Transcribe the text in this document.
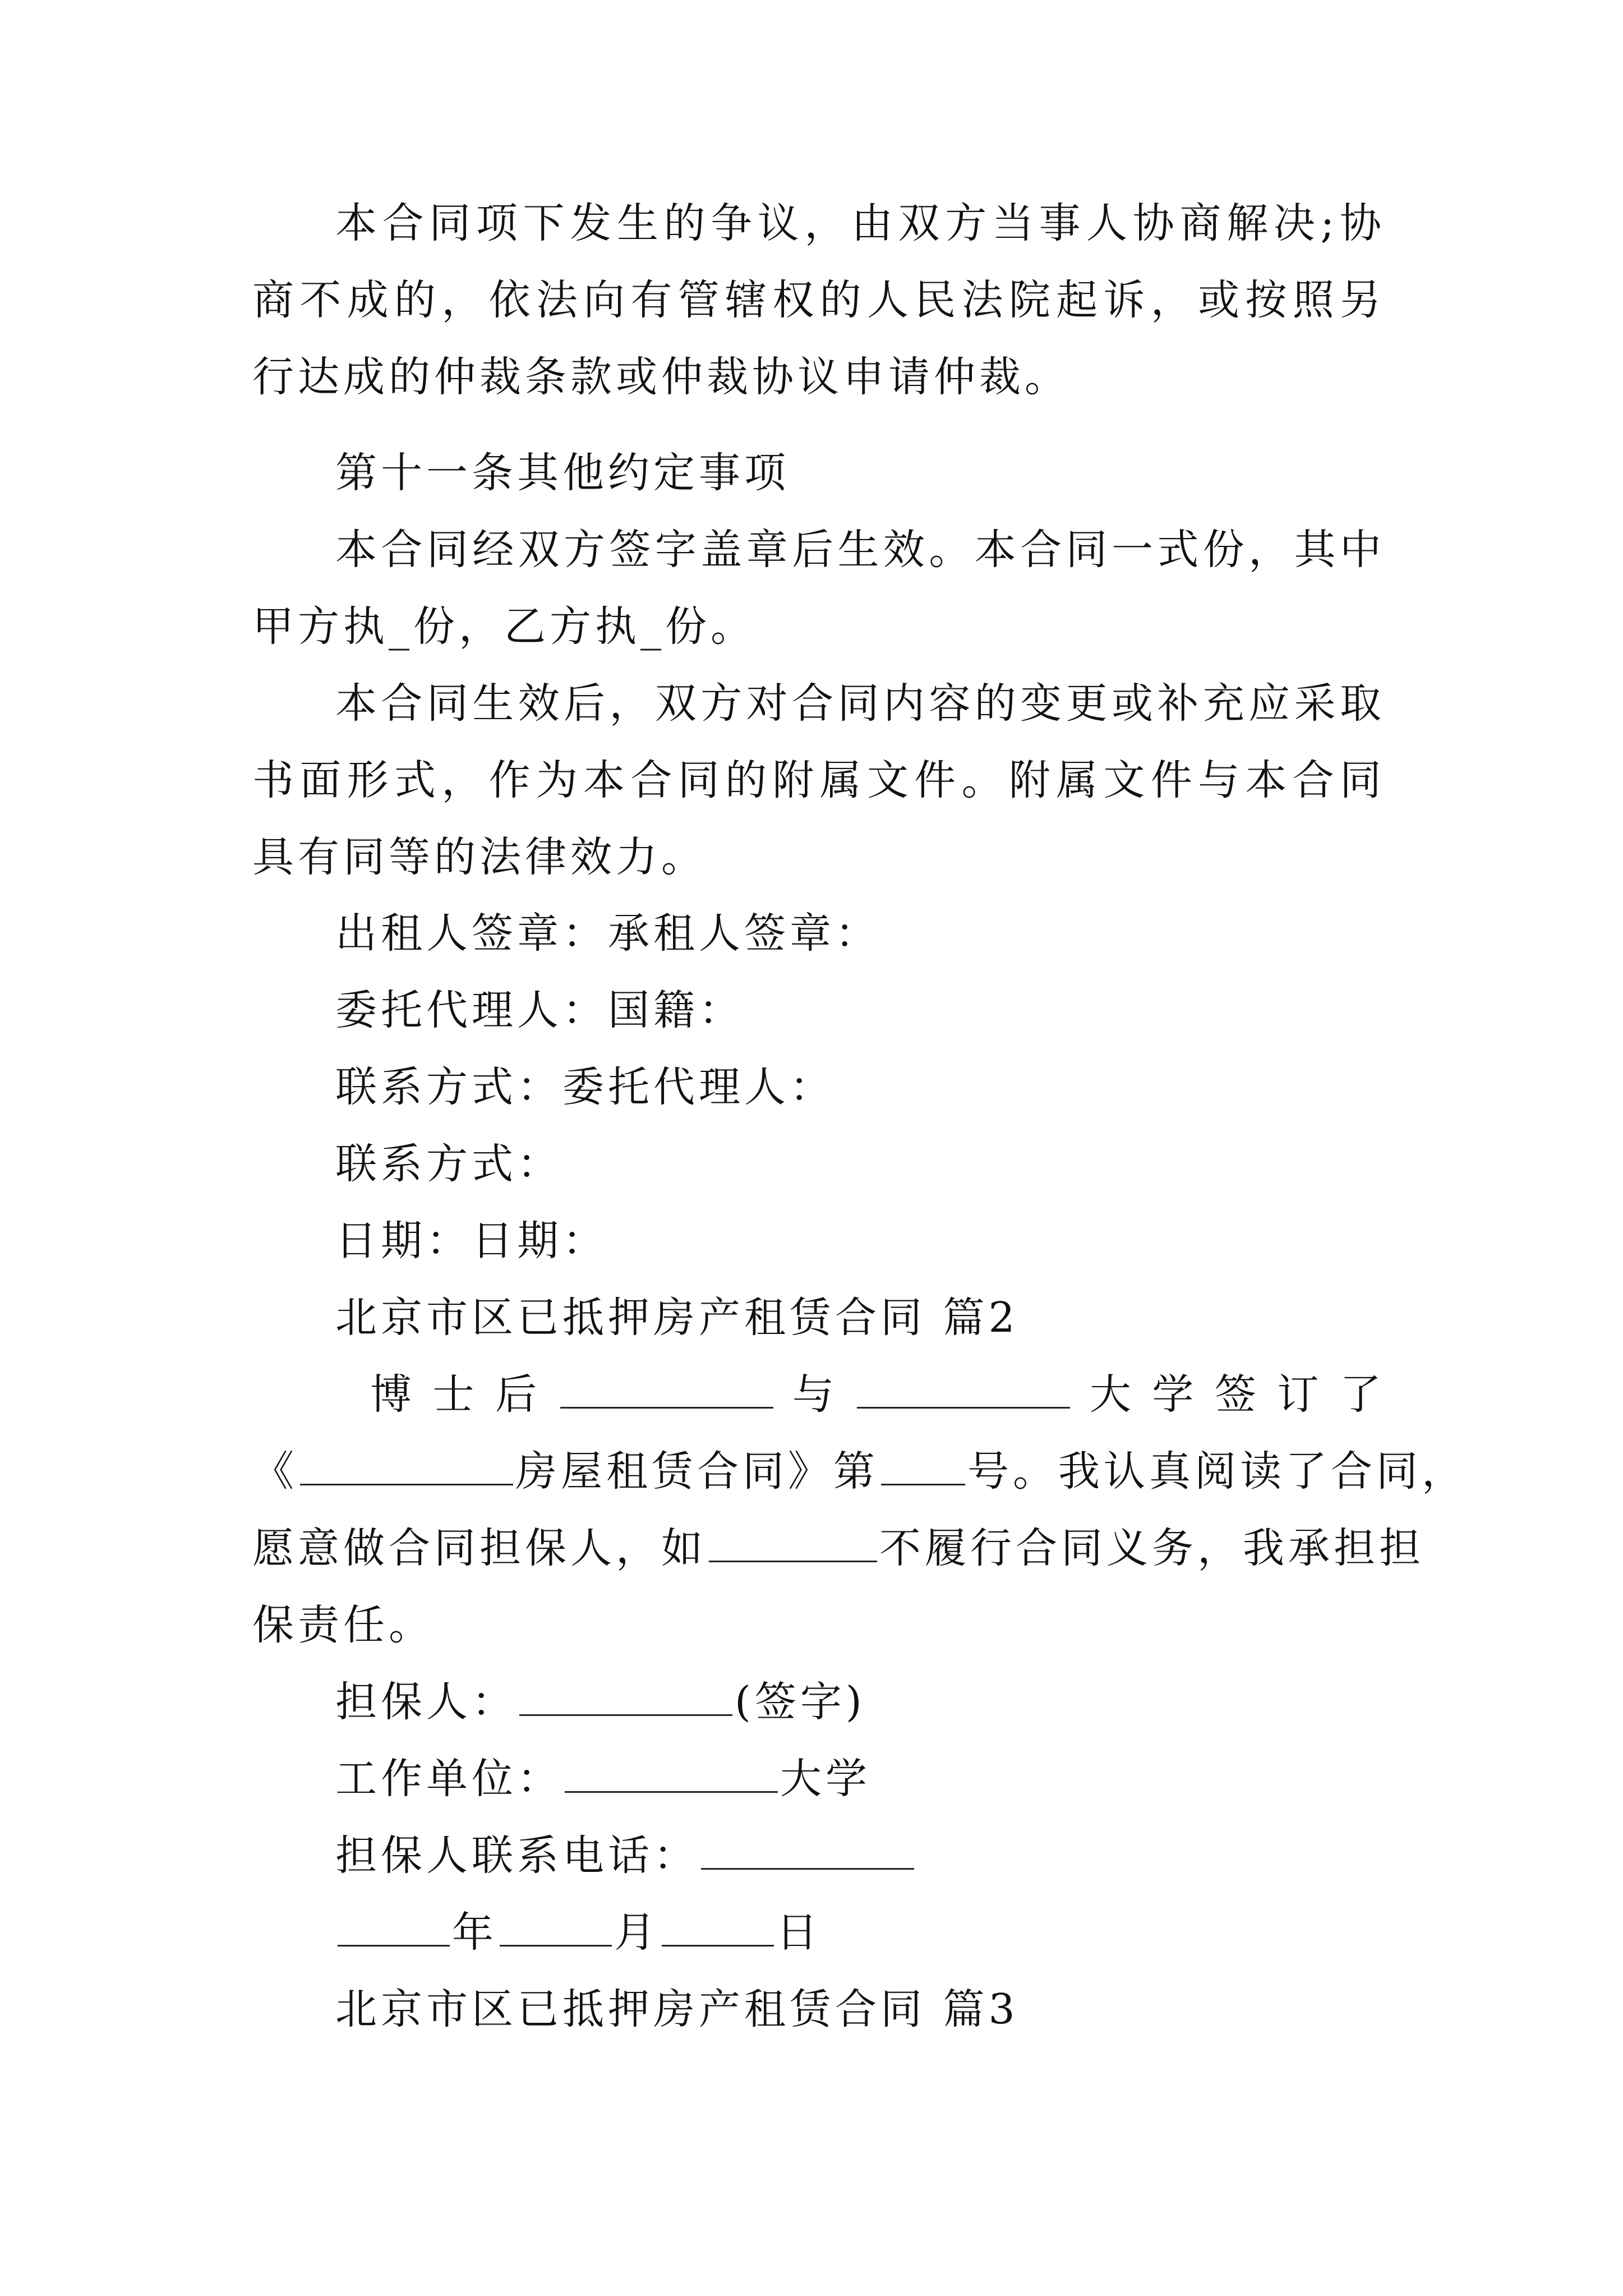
本合同项下发生的争议，由双方当事人协商解决;协商不成的，依法向有管辖权的人民法院起诉，或按照另行达成的仲裁条款或仲裁协议申请仲裁。
第十一条其他约定事项
本合同经双方签字盖章后生效。本合同一式份，其中甲方执_份，乙方执_份。
本合同生效后，双方对合同内容的变更或补充应采取书面形式，作为本合同的附属文件。附属文件与本合同具有同等的法律效力。
出租人签章：承租人签章：
委托代理人：国籍：
联系方式：委托代理人：
联系方式：
日期：日期：
北京市区已抵押房产租赁合同 篇2
博 士 后	与	大 学 签 订 了
《	房屋租赁合同》第 号。我认真阅读了合同，
愿意做合同担保人，如	不履行合同义务，我承担担
保责任。
担保人：	(签字)
工作单位：	大学
担保人联系电话：
年	月	日
北京市区已抵押房产租赁合同 篇3
